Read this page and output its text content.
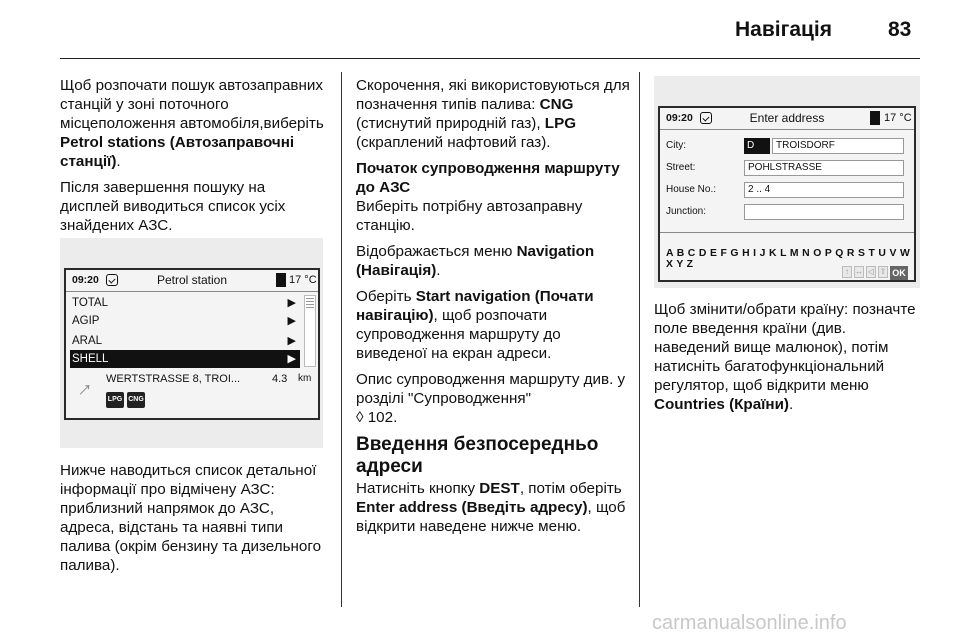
Навігація	83

Щоб розпочати пошук автозаправних станцій у зоні поточного місцеположення автомобіля,виберіть Petrol stations (Автозаправочні станції).

Після завершення пошуку на дисплей виводиться список усіх знайдених АЗС.

09:20	Petrol station	17 °C
TOTAL	▶
AGIP	▶
ARAL	▶
SHELL	▶
↑ WERTSTRASSE 8, TROI...	4.3 km
LPG CNG

Нижче наводиться список детальної інформації про відмічену АЗС: приблизний напрямок до АЗС, адреса, відстань та наявні типи палива (окрім бензину та дизельного палива).

Скорочення, які використовуються для позначення типів палива: CNG (стиснутий природній газ), LPG (скраплений нафтовий газ).

Початок супроводження маршруту до АЗС

Виберіть потрібну автозаправну станцію.

Відображається меню Navigation (Навігація).

Оберіть Start navigation (Почати навігацію), щоб розпочати супроводження маршруту до виведеної на екран адреси.

Опис супроводження маршруту див. у розділі "Супроводження"
◊ 102.

Введення безпосередньо адреси

Натисніть кнопку DEST, потім оберіть Enter address (Введіть адресу), щоб відкрити наведене нижче меню.

09:20	Enter address	17 °C
City:	D	TROISDORF
Street:	POHLSTRASSE
House No.:	2 .. 4
Junction:
A B C D E F G H I J K L M N O P Q R S T U V W X Y Z
↑ ↔ ◁ ⇧ OK

Щоб змінити/обрати країну: позначте поле введення країни (див. наведений вище малюнок), потім натисніть багатофункціональний регулятор, щоб відкрити меню Countries (Країни).

carmanualsonline.info
